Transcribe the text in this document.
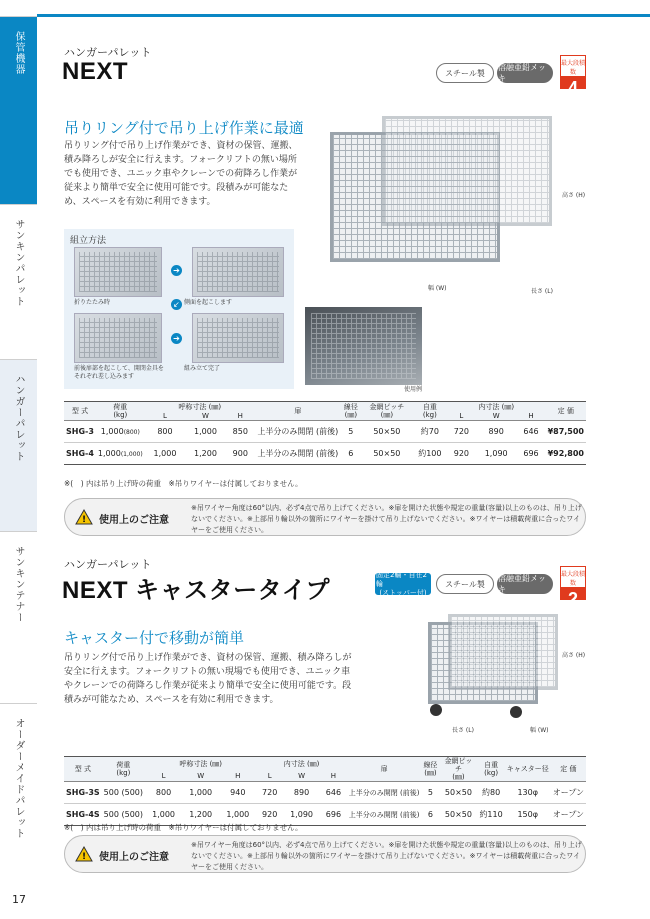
保管機器
サンキンパレット
ハンガーパレット
サンキンテナー
オーダーメイドパレット
17
ハンガーパレット
NEXT	スチール製
溶融亜鉛メッキ
最大段積数
4
吊りリング付で吊り上げ作業に最適
吊りリング付で吊り上げ作業ができ、資材の保管、運搬、積み降ろしが安全に行えます。フォークリフトの無い場所でも使用でき、ユニック車やクレーンでの荷降ろし作業が従来より簡単で安全に使用可能です。段積みが可能なため、スペースを有効に利用できます。
組立方法
折りたたみ時
➔
側面を起こします
↙
前後扉部を起こして、開閉金具をそれぞれ差し込みます
➔
組み立て完了
高さ (H)
幅 (W)	長さ (L)
使用例
型 式	荷重
(kg)	呼称寸法 (㎜)			扉	線径
(㎜)	金網ピッチ
(㎜)	自重
(kg)	内寸法 (㎜)			定 価
		L	W	H					L	W	H	
SHG-3	1,000(800)	800	1,000	850	上半分のみ開閉 (前後)	5	50×50	約70	720	890	646	¥87,500
SHG-4	1,000(1,000)	1,000	1,200	900	上半分のみ開閉 (前後)	6	50×50	約100	920	1,090	696	¥92,800
※(　) 内は吊り上げ時の荷重　※吊りワイヤーは付属しておりません。
! 使用上のご注意
※吊ワイヤー角度は60°以内、必ず4点で吊り上げてください。※扉を開けた状態や規定の重量(容量)以上のものは、吊り上げないでください。※上部吊り輪以外の箇所にワイヤーを掛けて吊り上げないでください。※ワイヤーは積載荷重に合ったワイヤーをご使用ください。
ハンガーパレット
NEXT キャスタータイプ
固定2輪・自在2輪
(ストッパー付)
スチール製
溶融亜鉛メッキ
最大段積数
2
キャスター付で移動が簡単
吊りリング付で吊り上げ作業ができ、資材の保管、運搬、積み降ろしが安全に行えます。フォークリフトの無い現場でも使用でき、ユニック車やクレーンでの荷降ろし作業が従来より簡単で安全に使用可能です。段積みが可能なため、スペースを有効に利用できます。
高さ (H)
長さ (L)	幅 (W)
型 式	荷重
(kg)	呼称寸法 (㎜)			内寸法 (㎜)			扉	線径
(㎜)	金網ピッチ
(㎜)	自重
(kg)	キャスター径	定 価
		L	W	H	L	W	H						
SHG-3S	500 (500)	800	1,000	940	720	890	646	上半分のみ開閉 (前後)	5	50×50	約80	130φ	オープン
SHG-4S	500 (500)	1,000	1,200	1,000	920	1,090	696	上半分のみ開閉 (前後)	6	50×50	約110	150φ	オープン
※(　) 内は吊り上げ時の荷重　※吊りワイヤーは付属しておりません。
! 使用上のご注意
※吊ワイヤー角度は60°以内、必ず4点で吊り上げてください。※扉を開けた状態や規定の重量(容量)以上のものは、吊り上げないでください。※上部吊り輪以外の箇所にワイヤーを掛けて吊り上げないでください。※ワイヤーは積載荷重に合ったワイヤーをご使用ください。
